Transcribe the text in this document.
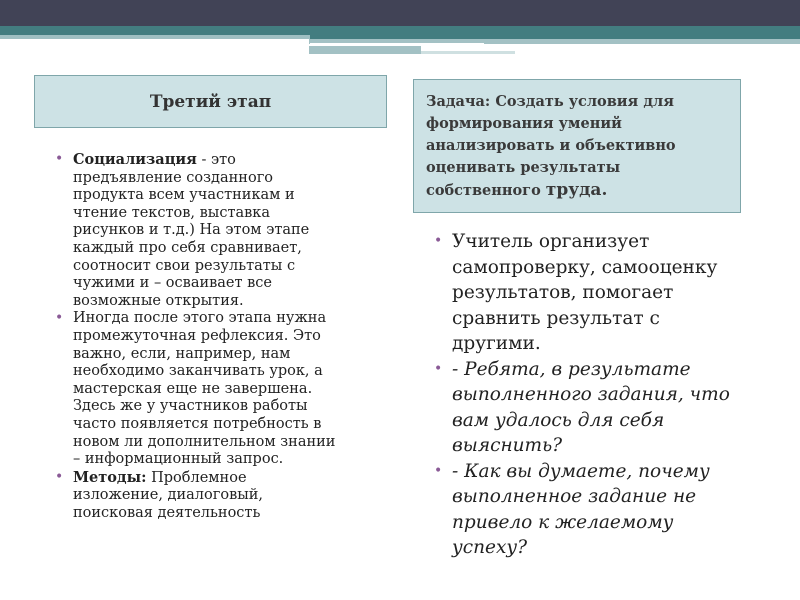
Третий этап	Задача: Создать условия для
формирования умений
анализировать и объективно
оценивать результаты
собственного труда.
• Социализация - это
предъявление созданного
продукта всем участникам и
чтение текстов, выставка
рисунков и т.д.) На этом этапе
каждый про себя сравнивает,
соотносит свои результаты с
чужими и – осваивает все
возможные открытия.
• Иногда после этого этапа нужна
промежуточная рефлексия. Это
важно, если, например, нам
необходимо заканчивать урок, а
мастерская еще не завершена.
Здесь же у участников работы
часто появляется потребность в
новом ли дополнительном знании
– информационный запрос.
• Методы: Проблемное
изложение, диалоговый,
поисковая деятельность
• Учитель организует
самопроверку, самооценку
результатов, помогает
сравнить результат с
другими.
• - Ребята, в результате
выполненного задания, что
вам удалось для себя
выяснить?
• - Как вы думаете, почему
выполненное задание не
привело к желаемому
успеху?
